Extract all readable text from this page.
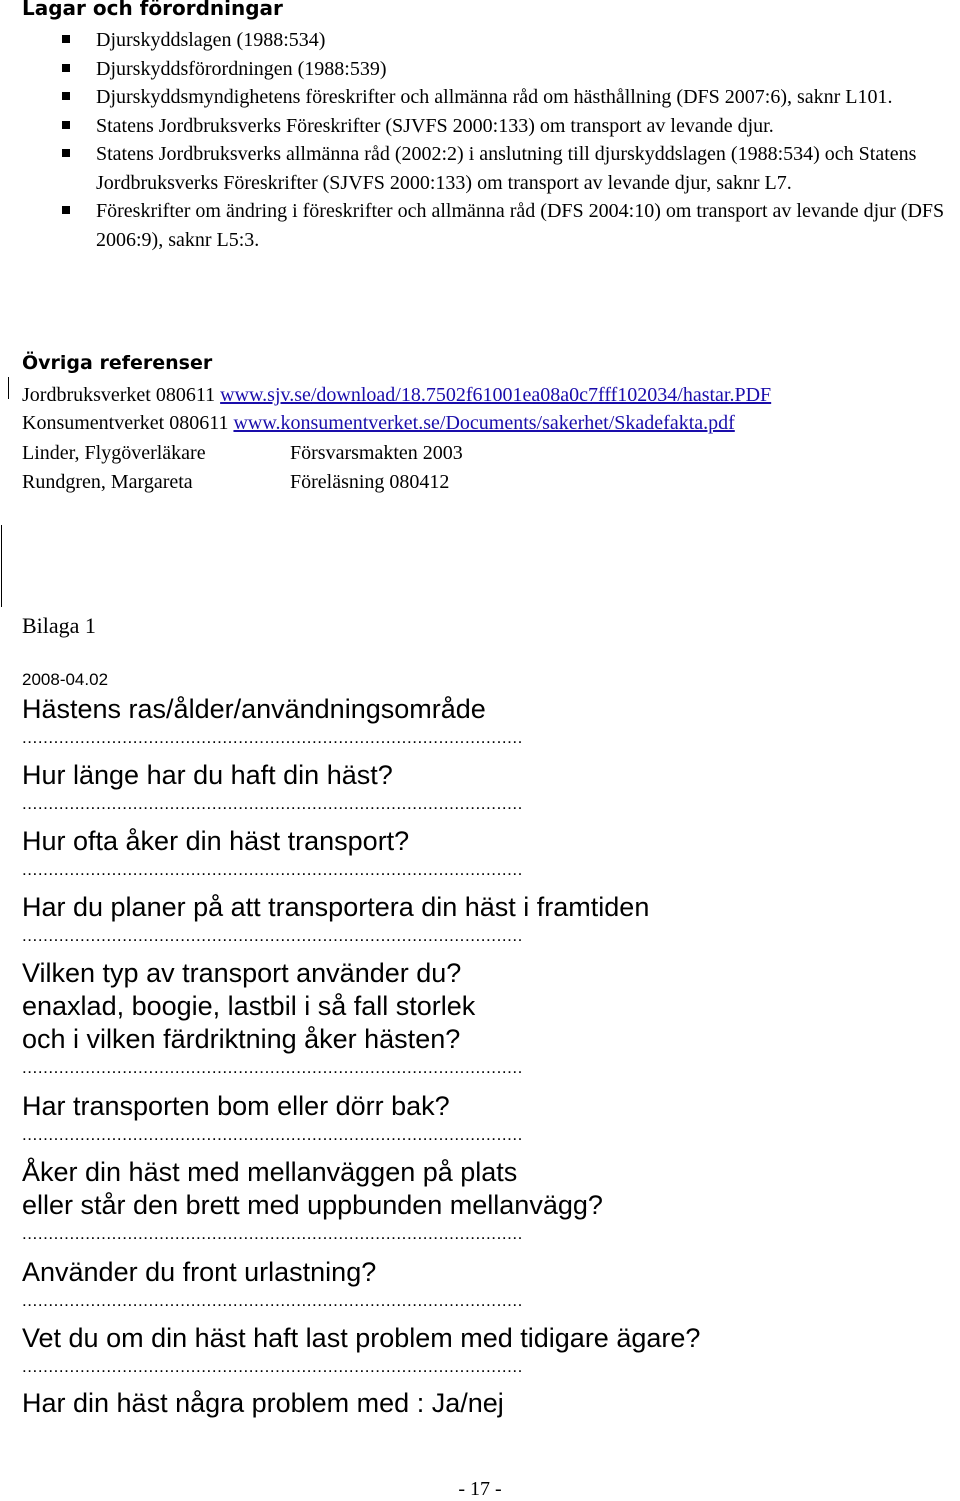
Lagar och förordningar
Djurskyddslagen (1988:534)
Djurskyddsförordningen (1988:539)
Djurskyddsmyndighetens föreskrifter och allmänna råd om hästhållning (DFS 2007:6), saknr L101.
Statens Jordbruksverks Föreskrifter (SJVFS 2000:133) om transport av levande djur.
Statens Jordbruksverks allmänna råd (2002:2) i anslutning till djurskyddslagen (1988:534) och Statens Jordbruksverks Föreskrifter (SJVFS 2000:133) om transport av levande djur, saknr L7.
Föreskrifter om ändring i föreskrifter och allmänna råd (DFS 2004:10) om transport av levande djur (DFS 2006:9), saknr L5:3.
Övriga referenser
Jordbruksverket 080611 www.sjv.se/download/18.7502f61001ea08a0c7fff102034/hastar.PDF
Konsumentverket 080611 www.konsumentverket.se/Documents/sakerhet/Skadefakta.pdf
Linder, Flygöverläkare	Försvarsmakten 2003
Rundgren, Margareta	Föreläsning 080412
Bilaga 1
2008-04.02
Hästens ras/ålder/användningsområde
...............................................................................................
Hur länge har du haft din häst?
...............................................................................................
Hur ofta åker din häst transport?
...............................................................................................
Har du planer på att transportera din häst i framtiden
...............................................................................................
Vilken typ av transport använder du?
enaxlad, boogie, lastbil i så fall storlek
och i vilken färdriktning åker hästen?
...............................................................................................
Har transporten bom eller dörr bak?
...............................................................................................
Åker din häst med mellanväggen på plats
eller står den brett med uppbunden mellanvägg?
...............................................................................................
Använder du front urlastning?
...............................................................................................
Vet du om din häst haft last problem med tidigare ägare?
...............................................................................................
Har din häst några problem med : Ja/nej
- 17 -
